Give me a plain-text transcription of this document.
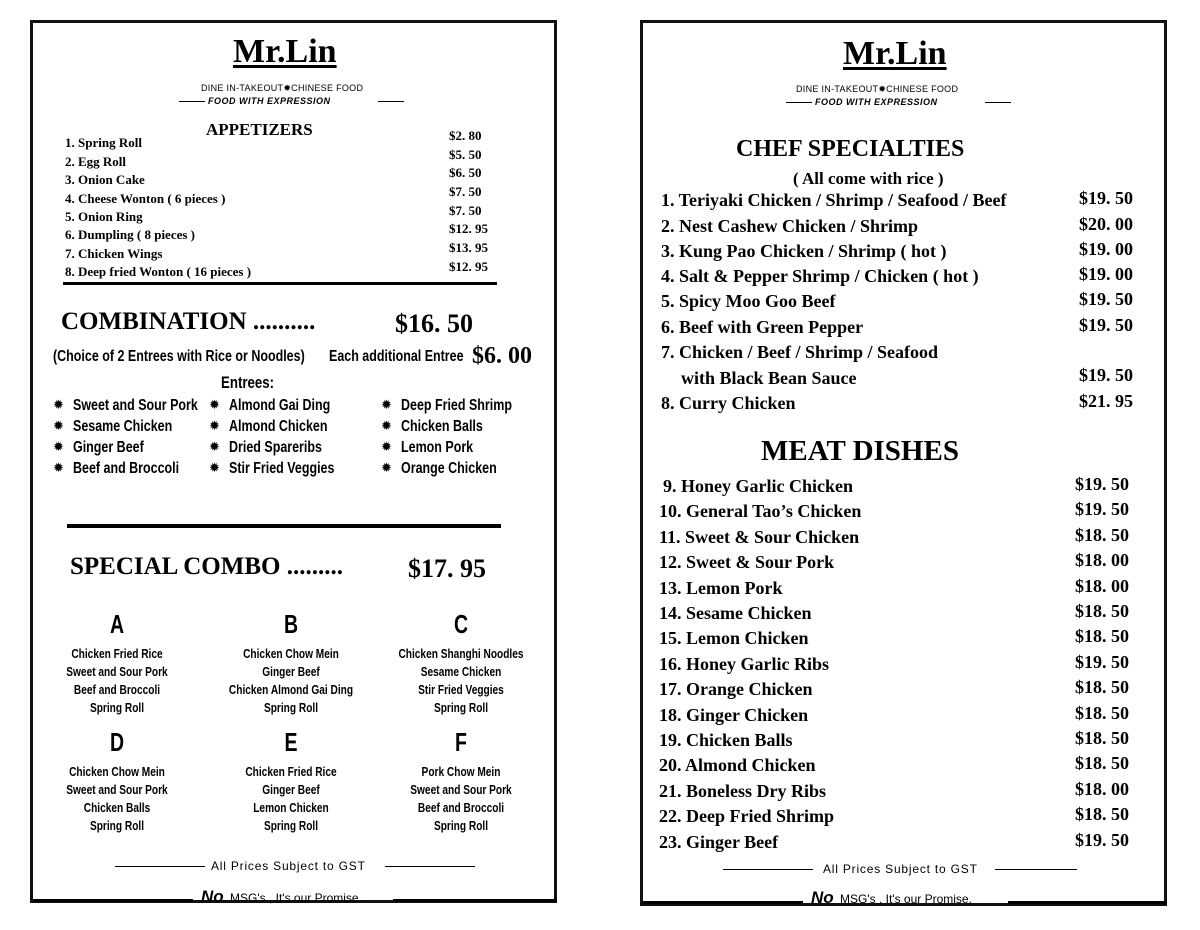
Mr.Lin
DINE IN-TAKEOUT✹CHINESE FOOD
FOOD WITH EXPRESSION
APPETIZERS
1. Spring Roll	$2. 80
2. Egg Roll	$5. 50
3. Onion Cake	$6. 50
4. Cheese Wonton ( 6 pieces )	$7. 50
5. Onion Ring	$7. 50
6. Dumpling ( 8 pieces )	$12. 95
7. Chicken Wings	$13. 95
8. Deep fried Wonton ( 16 pieces )	$12. 95
COMBINATION ..........	$16. 50
(Choice of 2 Entrees with Rice or Noodles) Each additional Entree $6. 00
Entrees:
✹ Sweet and Sour Pork
✹ Sesame Chicken
✹ Ginger Beef
✹ Beef and Broccoli
✹ Almond Gai Ding
✹ Almond Chicken
✹ Dried Spareribs
✹ Stir Fried Veggies
✹ Deep Fried Shrimp
✹ Chicken Balls
✹ Lemon Pork
✹ Orange Chicken
SPECIAL COMBO .........	$17. 95
A
Chicken Fried Rice
Sweet and Sour Pork
Beef and Broccoli
Spring Roll
B
Chicken Chow Mein
Ginger Beef
Chicken Almond Gai Ding
Spring Roll
C
Chicken Shanghi Noodles
Sesame Chicken
Stir Fried Veggies
Spring Roll
D
Chicken Chow Mein
Sweet and Sour Pork
Chicken Balls
Spring Roll
E
Chicken Fried Rice
Ginger Beef
Lemon Chicken
Spring Roll
F
Pork Chow Mein
Sweet and Sour Pork
Beef and Broccoli
Spring Roll
All Prices Subject to GST
No MSG's , It's our Promise.
Mr.Lin
DINE IN-TAKEOUT✹CHINESE FOOD
FOOD WITH EXPRESSION
CHEF SPECIALTIES
( All come with rice )
1. Teriyaki Chicken / Shrimp / Seafood / Beef	$19. 50
2. Nest Cashew Chicken / Shrimp	$20. 00
3. Kung Pao Chicken / Shrimp ( hot )	$19. 00
4. Salt & Pepper Shrimp / Chicken ( hot )	$19. 00
5. Spicy Moo Goo Beef	$19. 50
6. Beef with Green Pepper	$19. 50
7. Chicken / Beef / Shrimp / Seafood
with Black Bean Sauce	$19. 50
8. Curry Chicken	$21. 95
MEAT DISHES
9. Honey Garlic Chicken	$19. 50
10. General Tao’s Chicken	$19. 50
11. Sweet & Sour Chicken	$18. 50
12. Sweet & Sour Pork	$18. 00
13. Lemon Pork	$18. 00
14. Sesame Chicken	$18. 50
15. Lemon Chicken	$18. 50
16. Honey Garlic Ribs	$19. 50
17. Orange Chicken	$18. 50
18. Ginger Chicken	$18. 50
19. Chicken Balls	$18. 50
20. Almond Chicken	$18. 50
21. Boneless Dry Ribs	$18. 00
22. Deep Fried Shrimp	$18. 50
23. Ginger Beef	$19. 50
All Prices Subject to GST
No MSG's , It's our Promise.
